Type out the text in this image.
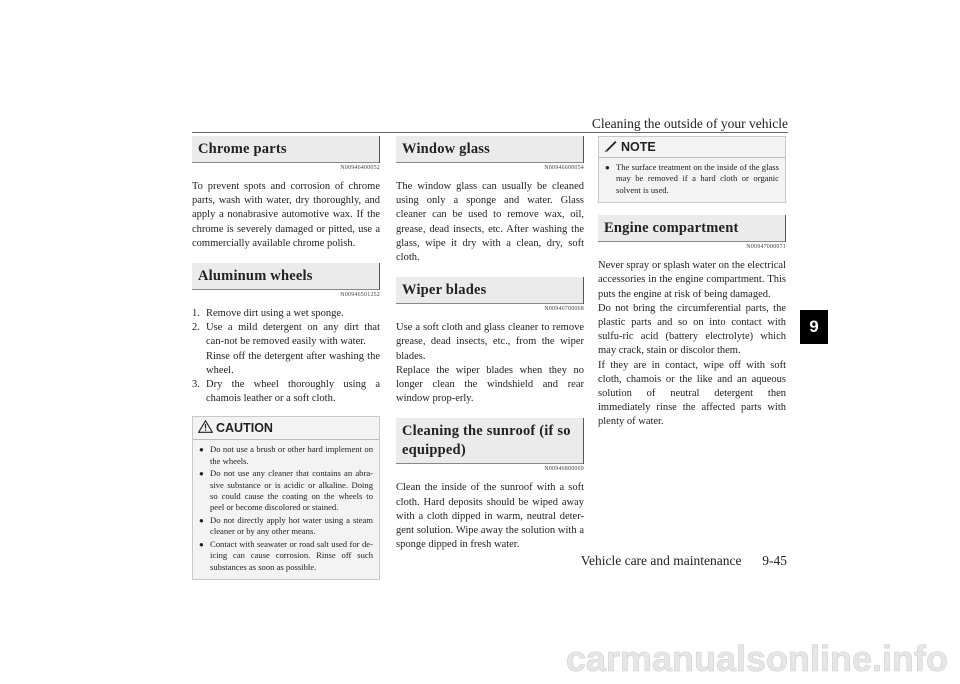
Cleaning the outside of your vehicle
9
Chrome parts
N00946400052

To prevent spots and corrosion of chrome parts, wash with water, dry thoroughly, and apply a nonabrasive automotive wax. If the chrome is severely damaged or pitted, use a commercially available chrome polish.

Aluminum wheels
N00946501252
1. Remove dirt using a wet sponge.
2. Use a mild detergent on any dirt that can-not be removed easily with water.
Rinse off the detergent after washing the wheel.
3. Dry the wheel thoroughly using a chamois leather or a soft cloth.
CAUTION
● Do not use a brush or other hard implement on the wheels.
● Do not use any cleaner that contains an abra-sive substance or is acidic or alkaline. Doing so could cause the coating on the wheels to peel or become discolored or stained.
● Do not directly apply hot water using a steam cleaner or by any other means.
● Contact with seawater or road salt used for de-icing can cause corrosion. Rinse off such substances as soon as possible.
Window glass
N00946600054

The window glass can usually be cleaned using only a sponge and water. Glass cleaner can be used to remove wax, oil, grease, dead insects, etc. After washing the glass, wipe it dry with a clean, dry, soft cloth.

Wiper blades
N00946700068

Use a soft cloth and glass cleaner to remove grease, dead insects, etc., from the wiper blades.

Replace the wiper blades when they no longer clean the windshield and rear window prop-erly.

Cleaning the sunroof (if so equipped)
N00946800069

Clean the inside of the sunroof with a soft cloth. Hard deposits should be wiped away with a cloth dipped in warm, neutral deter-gent solution. Wipe away the solution with a sponge dipped in fresh water.

NOTE
● The surface treatment on the inside of the glass may be removed if a hard cloth or organic solvent is used.
Engine compartment
N00947000071

Never spray or splash water on the electrical accessories in the engine compartment. This puts the engine at risk of being damaged.

Do not bring the circumferential parts, the plastic parts and so on into contact with sulfu-ric acid (battery electrolyte) which may crack, stain or discolor them.

If they are in contact, wipe off with soft cloth, chamois or the like and an aqueous solution of neutral detergent then immediately rinse the affected parts with plenty of water.

Vehicle care and maintenance 9-45
carmanualsonline.info
